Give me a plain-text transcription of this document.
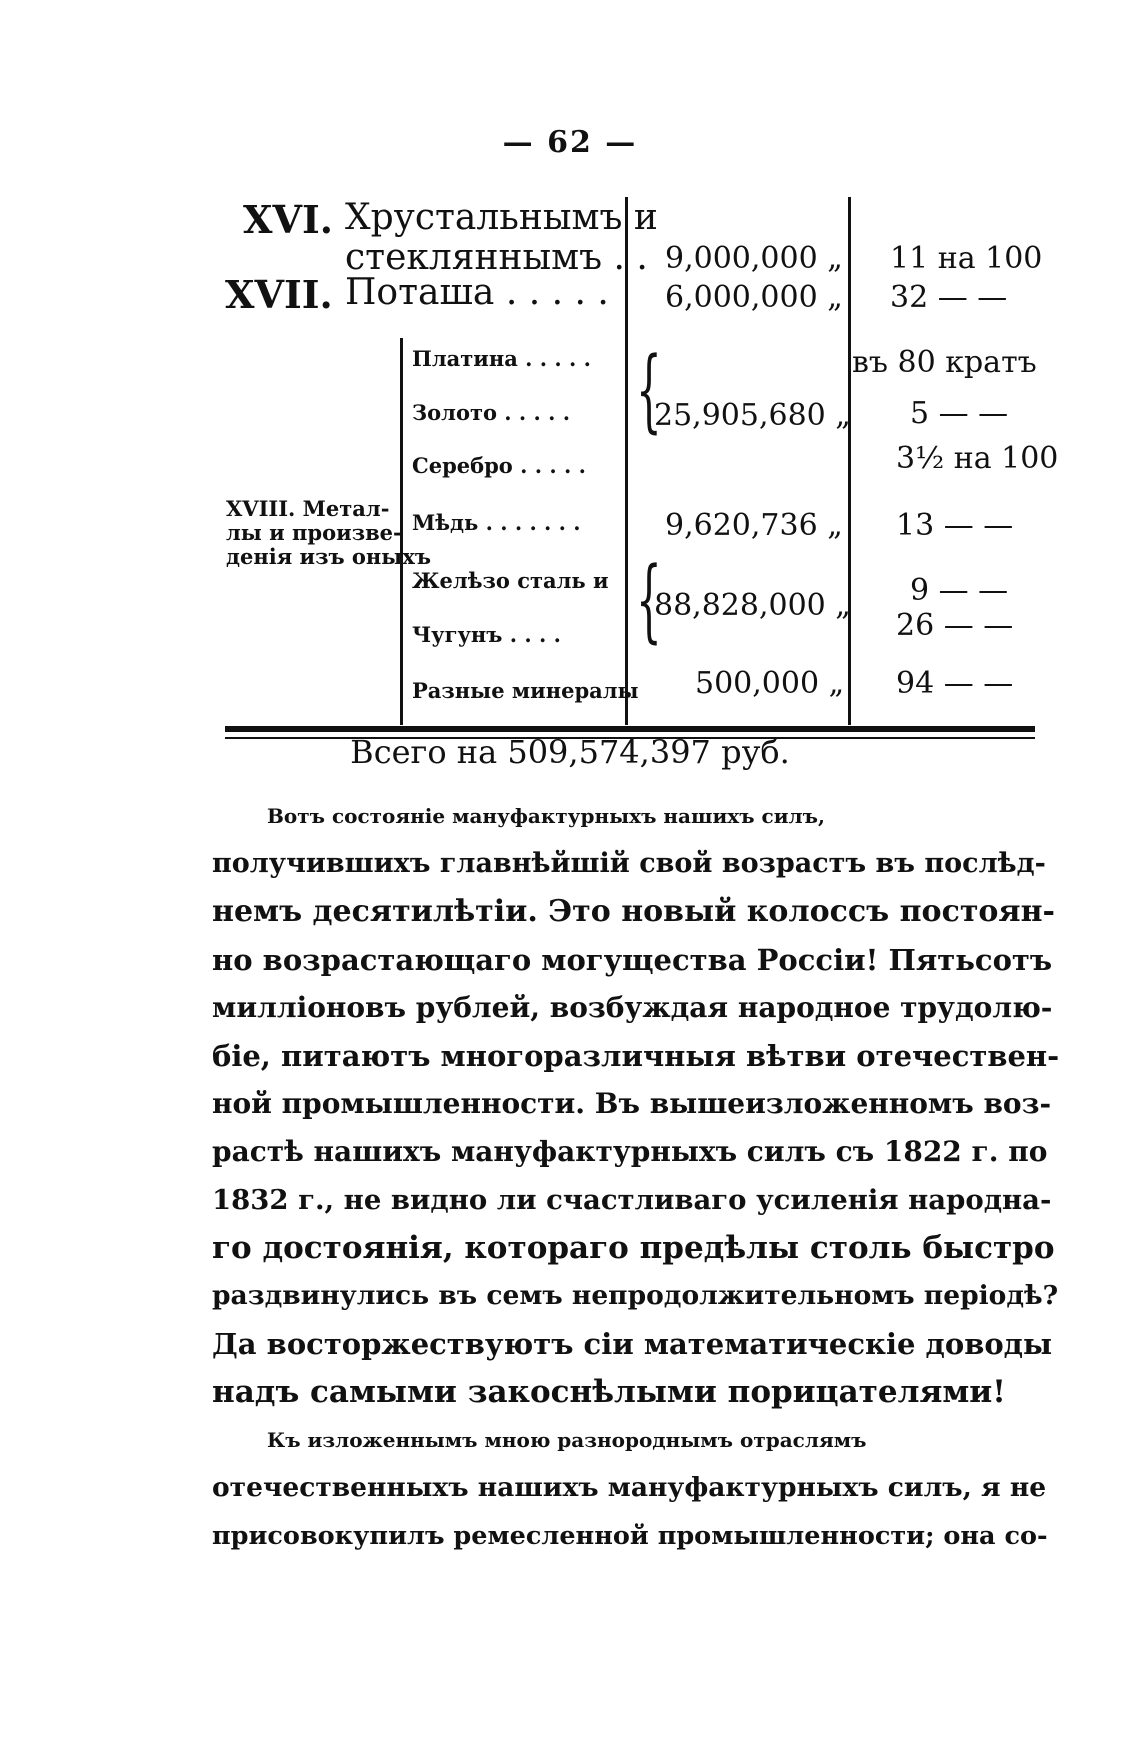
— 62 —
XVI. Хрустальнымъ и
стекляннымъ . . 9,000,000 „ 11 на 100
XVII. Поташа . . . . . 6,000,000 „ 32 — —
XVIII. Метал-
лы и произве-
денія изъ оныхъ
Платина . . . . .
Золото . . . . .
Серебро . . . . .
Мѣдь . . . . . . .
Желѣзо сталь и
Чугунъ . . . .
Разные минералы
{
25,905,680 „
9,620,736 „
{
88,828,000 „
500,000 „
въ 80 кратъ
5 — —
3½ на 100
13 — —
9 — —
26 — —
94 — —
Всего на 509,574,397 руб.
Вотъ состояніе мануфактурныхъ нашихъ силъ,
получившихъ главнѣйшій свой возрастъ въ послѣд-
немъ десятилѣтіи. Это новый колоссъ постоян-
но возрастающаго могущества Россіи! Пятьсотъ
милліоновъ рублей, возбуждая народное трудолю-
біе, питаютъ многоразличныя вѣтви отечествен-
ной промышленности. Въ вышеизложенномъ воз-
растѣ нашихъ мануфактурныхъ силъ съ 1822 г. по
1832 г., не видно ли счастливаго усиленія народна-
го достоянія, котораго предѣлы столь быстро
раздвинулись въ семъ непродолжительномъ періодѣ?
Да восторжествуютъ сіи математическіе доводы
надъ самыми закоснѣлыми порицателями!
Къ изложеннымъ мною разнороднымъ отраслямъ
отечественныхъ нашихъ мануфактурныхъ силъ, я не
присовокупилъ ремесленной промышленности; она со-
